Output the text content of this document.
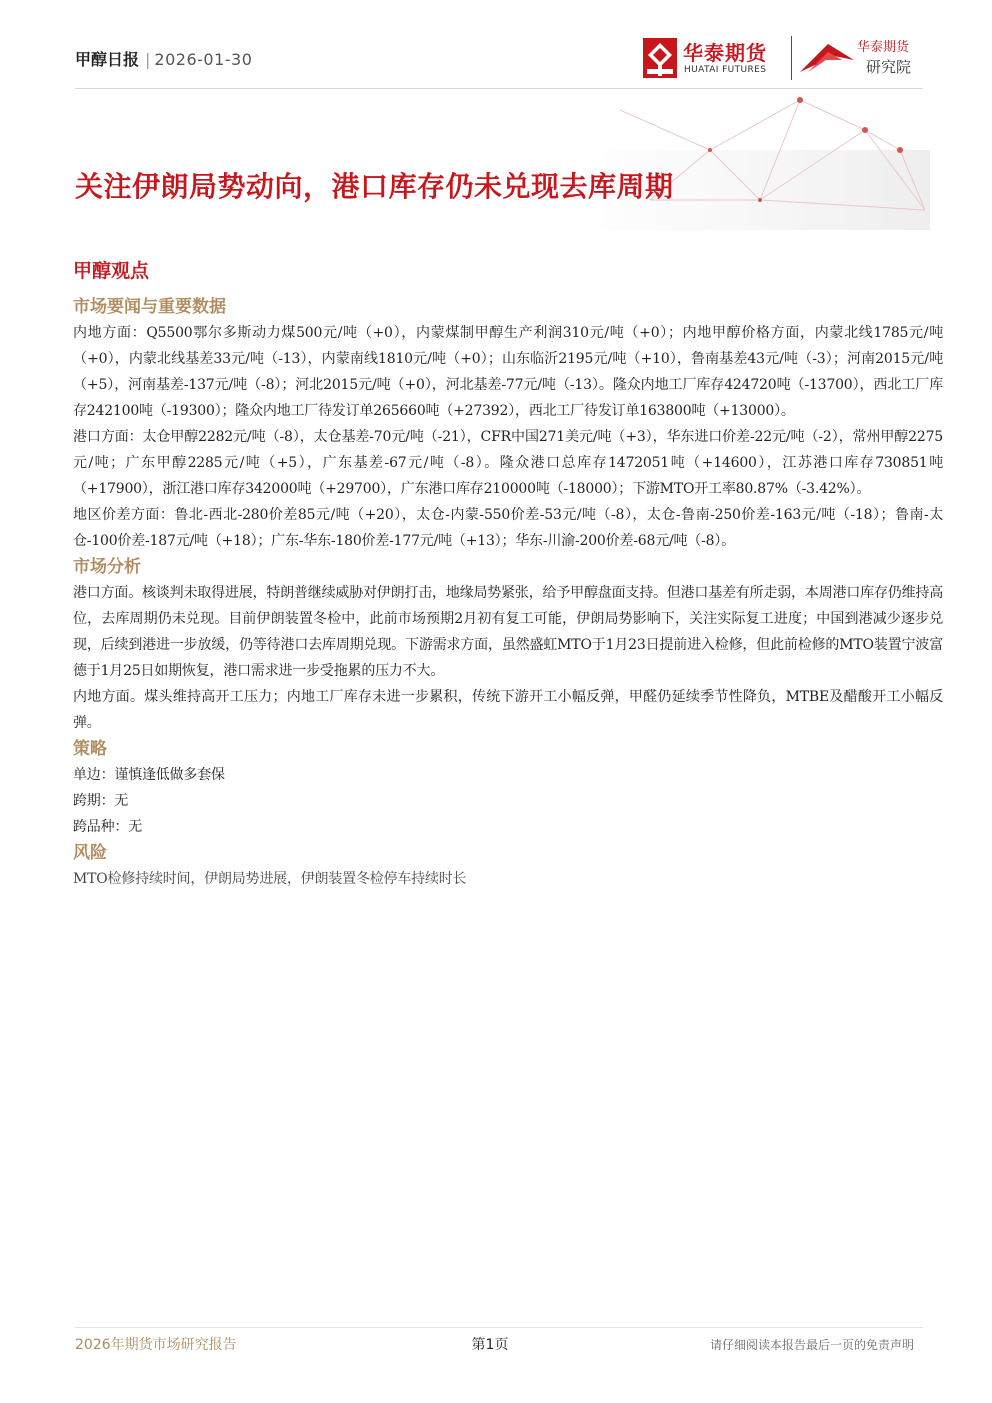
甲醇日报 | 2026-01-30	华泰期货
HUATAI FUTURES
华泰期货
研究院
关注伊朗局势动向，港口库存仍未兑现去库周期
甲醇观点
市场要闻与重要数据

内地方面：Q5500鄂尔多斯动力煤500元/吨（+0），内蒙煤制甲醇生产利润310元/吨（+0）；内地甲醇价格方面，内蒙北线1785元/吨（+0），内蒙北线基差33元/吨（-13），内蒙南线1810元/吨（+0）；山东临沂2195元/吨（+10），鲁南基差43元/吨（-3）；河南2015元/吨（+5），河南基差-137元/吨（-8）；河北2015元/吨（+0），河北基差-77元/吨（-13）。隆众内地工厂库存424720吨（-13700），西北工厂库存242100吨（-19300）；隆众内地工厂待发订单265660吨（+27392），西北工厂待发订单163800吨（+13000）。

港口方面：太仓甲醇2282元/吨（-8），太仓基差-70元/吨（-21），CFR中国271美元/吨（+3），华东进口价差-22元/吨（-2），常州甲醇2275元/吨；广东甲醇2285元/吨（+5），广东基差-67元/吨（-8）。隆众港口总库存1472051吨（+14600），江苏港口库存730851吨（+17900），浙江港口库存342000吨（+29700），广东港口库存210000吨（-18000）；下游MTO开工率80.87%（-3.42%）。

地区价差方面：鲁北-西北-280价差85元/吨（+20），太仓-内蒙-550价差-53元/吨（-8），太仓-鲁南-250价差-163元/吨（-18）；鲁南-太仓-100价差-187元/吨（+18）；广东-华东-180价差-177元/吨（+13）；华东-川渝-200价差-68元/吨（-8）。

市场分析

港口方面。核谈判未取得进展，特朗普继续威胁对伊朗打击，地缘局势紧张，给予甲醇盘面支持。但港口基差有所走弱，本周港口库存仍维持高位，去库周期仍未兑现。目前伊朗装置冬检中，此前市场预期2月初有复工可能，伊朗局势影响下，关注实际复工进度；中国到港减少逐步兑现，后续到港进一步放缓，仍等待港口去库周期兑现。下游需求方面，虽然盛虹MTO于1月23日提前进入检修，但此前检修的MTO装置宁波富德于1月25日如期恢复，港口需求进一步受拖累的压力不大。

内地方面。煤头维持高开工压力；内地工厂库存未进一步累积，传统下游开工小幅反弹，甲醛仍延续季节性降负，MTBE及醋酸开工小幅反弹。

策略

单边：谨慎逢低做多套保

跨期：无

跨品种：无

风险

MTO检修持续时间，伊朗局势进展，伊朗装置冬检停车持续时长

2026年期货市场研究报告	第1页	请仔细阅读本报告最后一页的免责声明
